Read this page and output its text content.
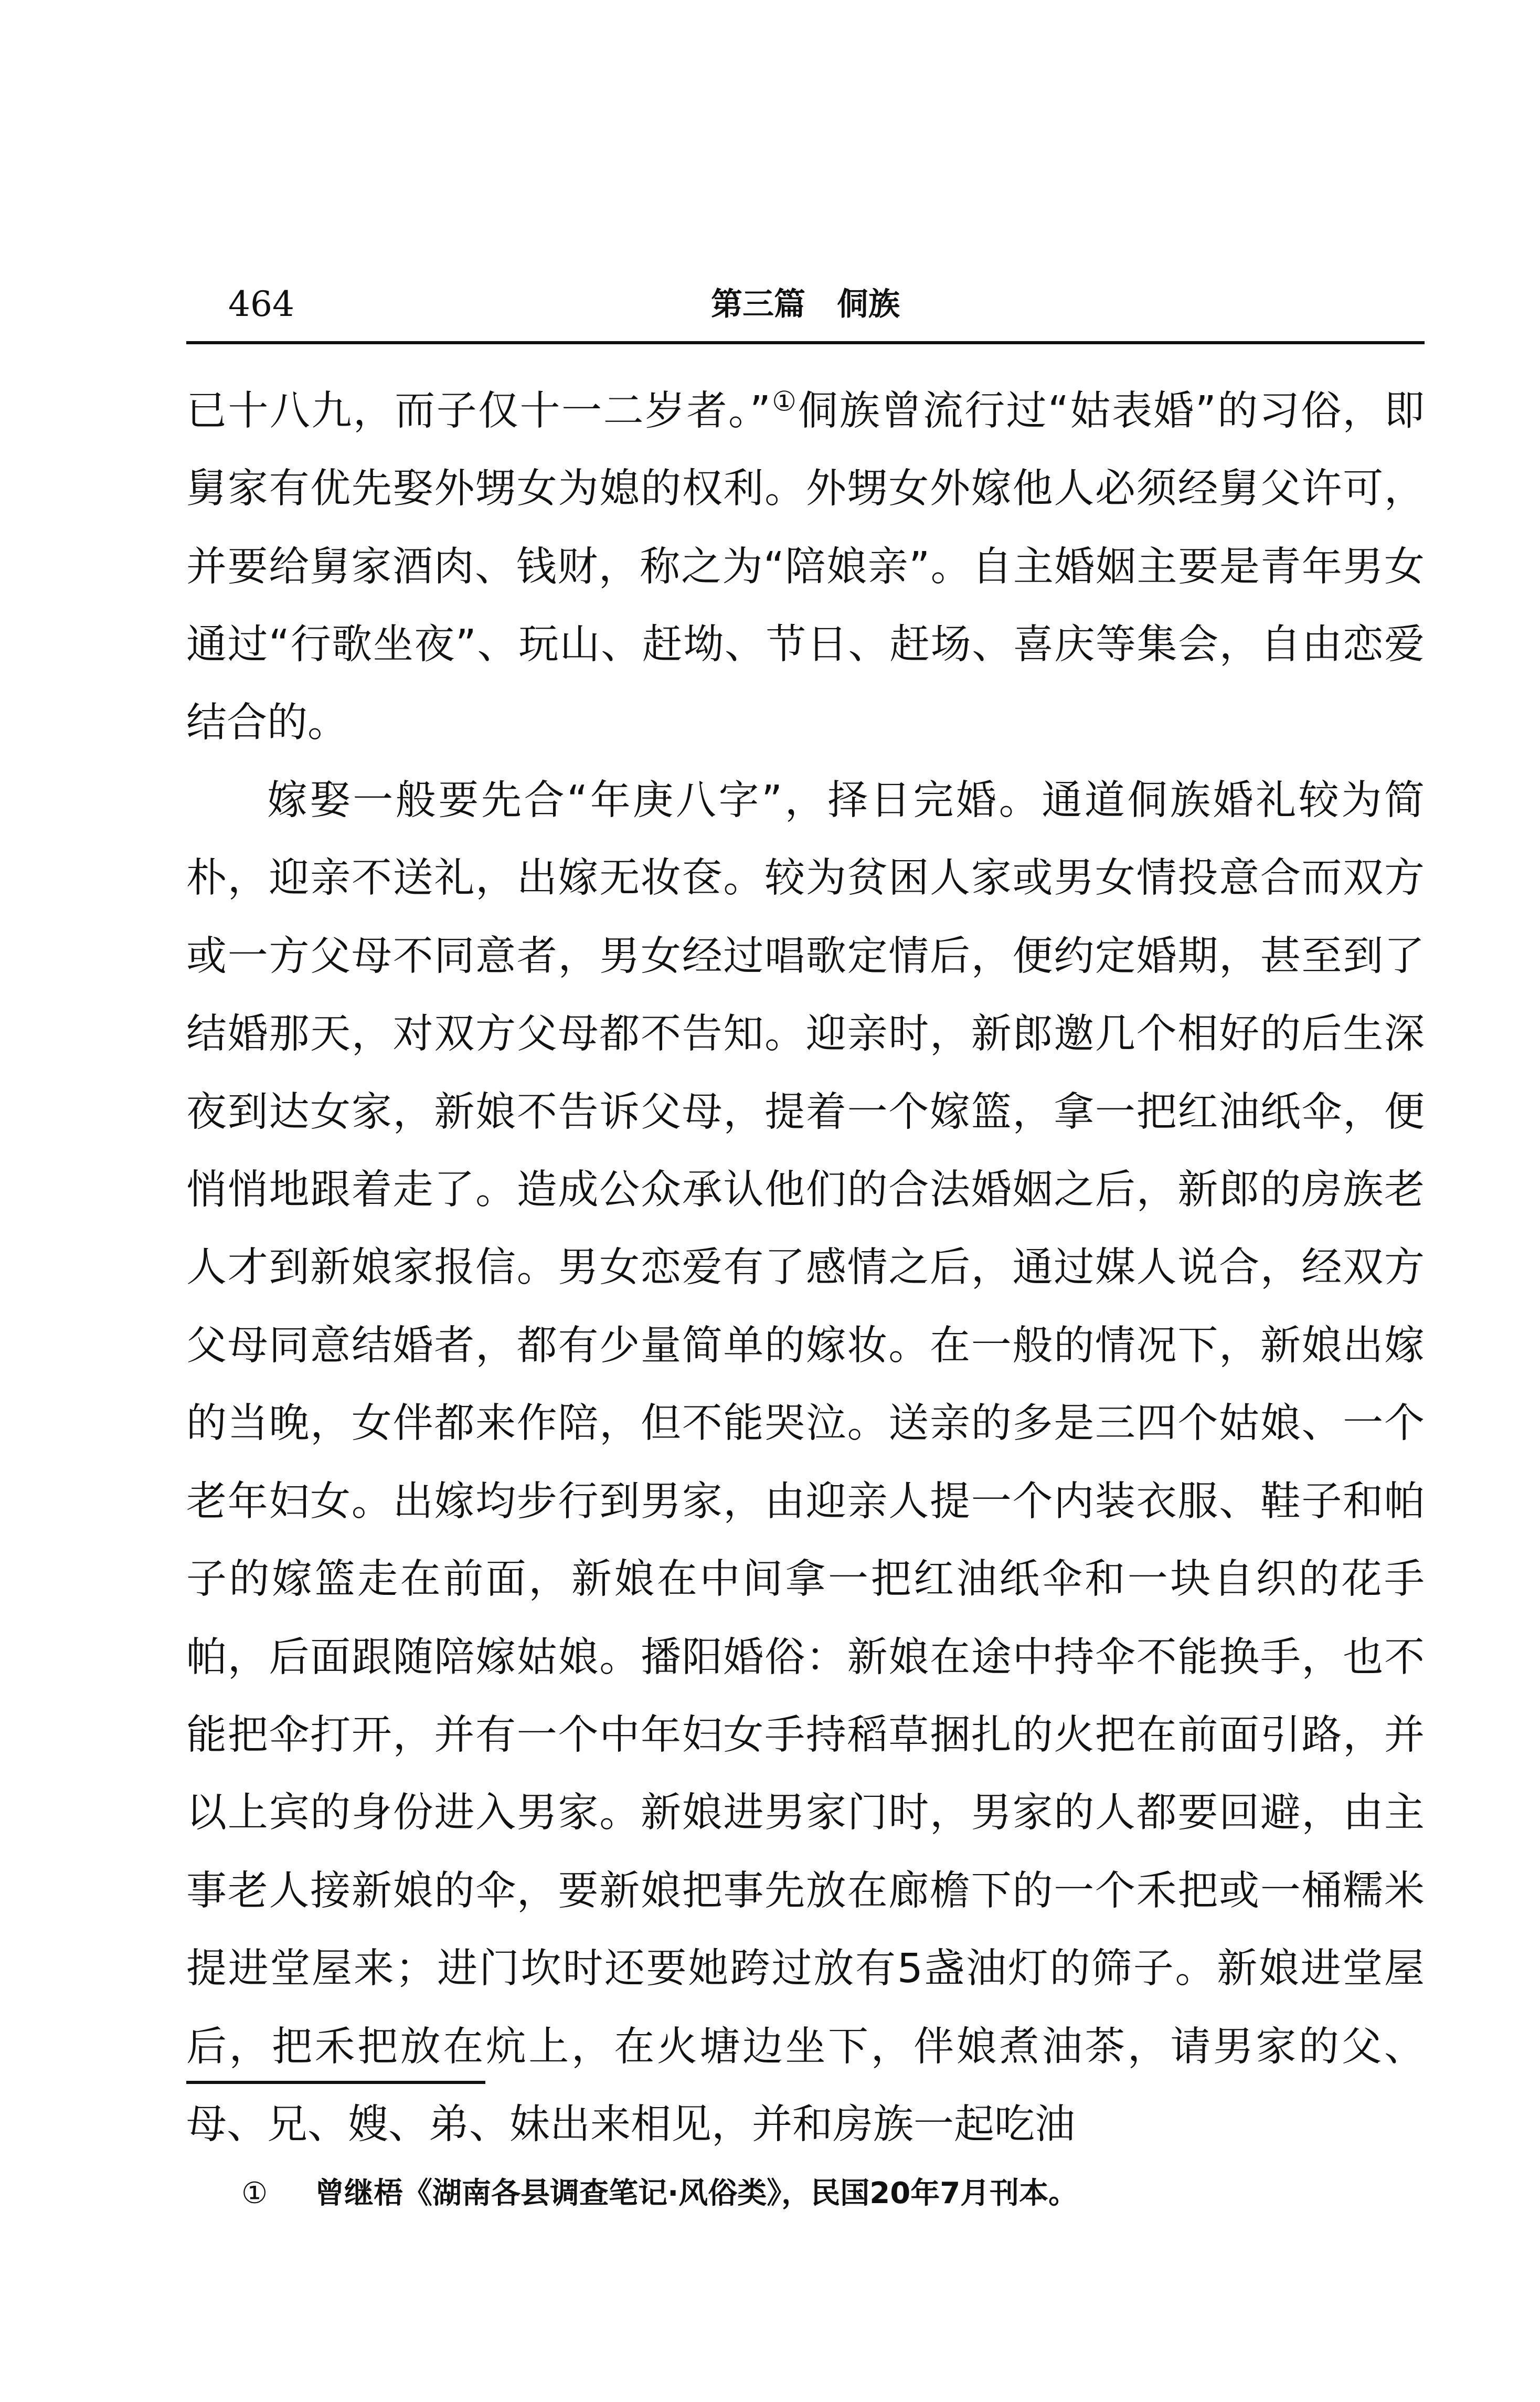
464	第三篇　侗族

已十八九，而子仅十一二岁者。”①侗族曾流行过“姑表婚”的习俗，即舅家有优先娶外甥女为媳的权利。外甥女外嫁他人必须经舅父许可，并要给舅家酒肉、钱财，称之为“陪娘亲”。自主婚姻主要是青年男女通过“行歌坐夜”、玩山、赶坳、节日、赶场、喜庆等集会，自由恋爱结合的。

嫁娶一般要先合“年庚八字”，择日完婚。通道侗族婚礼较为简朴，迎亲不送礼，出嫁无妆奁。较为贫困人家或男女情投意合而双方或一方父母不同意者，男女经过唱歌定情后，便约定婚期，甚至到了结婚那天，对双方父母都不告知。迎亲时，新郎邀几个相好的后生深夜到达女家，新娘不告诉父母，提着一个嫁篮，拿一把红油纸伞，便悄悄地跟着走了。造成公众承认他们的合法婚姻之后，新郎的房族老人才到新娘家报信。男女恋爱有了感情之后，通过媒人说合，经双方父母同意结婚者，都有少量简单的嫁妆。在一般的情况下，新娘出嫁的当晚，女伴都来作陪，但不能哭泣。送亲的多是三四个姑娘、一个老年妇女。出嫁均步行到男家，由迎亲人提一个内装衣服、鞋子和帕子的嫁篮走在前面，新娘在中间拿一把红油纸伞和一块自织的花手帕，后面跟随陪嫁姑娘。播阳婚俗：新娘在途中持伞不能换手，也不能把伞打开，并有一个中年妇女手持稻草捆扎的火把在前面引路，并以上宾的身份进入男家。新娘进男家门时，男家的人都要回避，由主事老人接新娘的伞，要新娘把事先放在廊檐下的一个禾把或一桶糯米提进堂屋来；进门坎时还要她跨过放有5盏油灯的筛子。新娘进堂屋后，把禾把放在炕上，在火塘边坐下，伴娘煮油茶，请男家的父、母、兄、嫂、弟、妹出来相见，并和房族一起吃油

① 曾继梧《湖南各县调查笔记·风俗类》，民国20年7月刊本。
